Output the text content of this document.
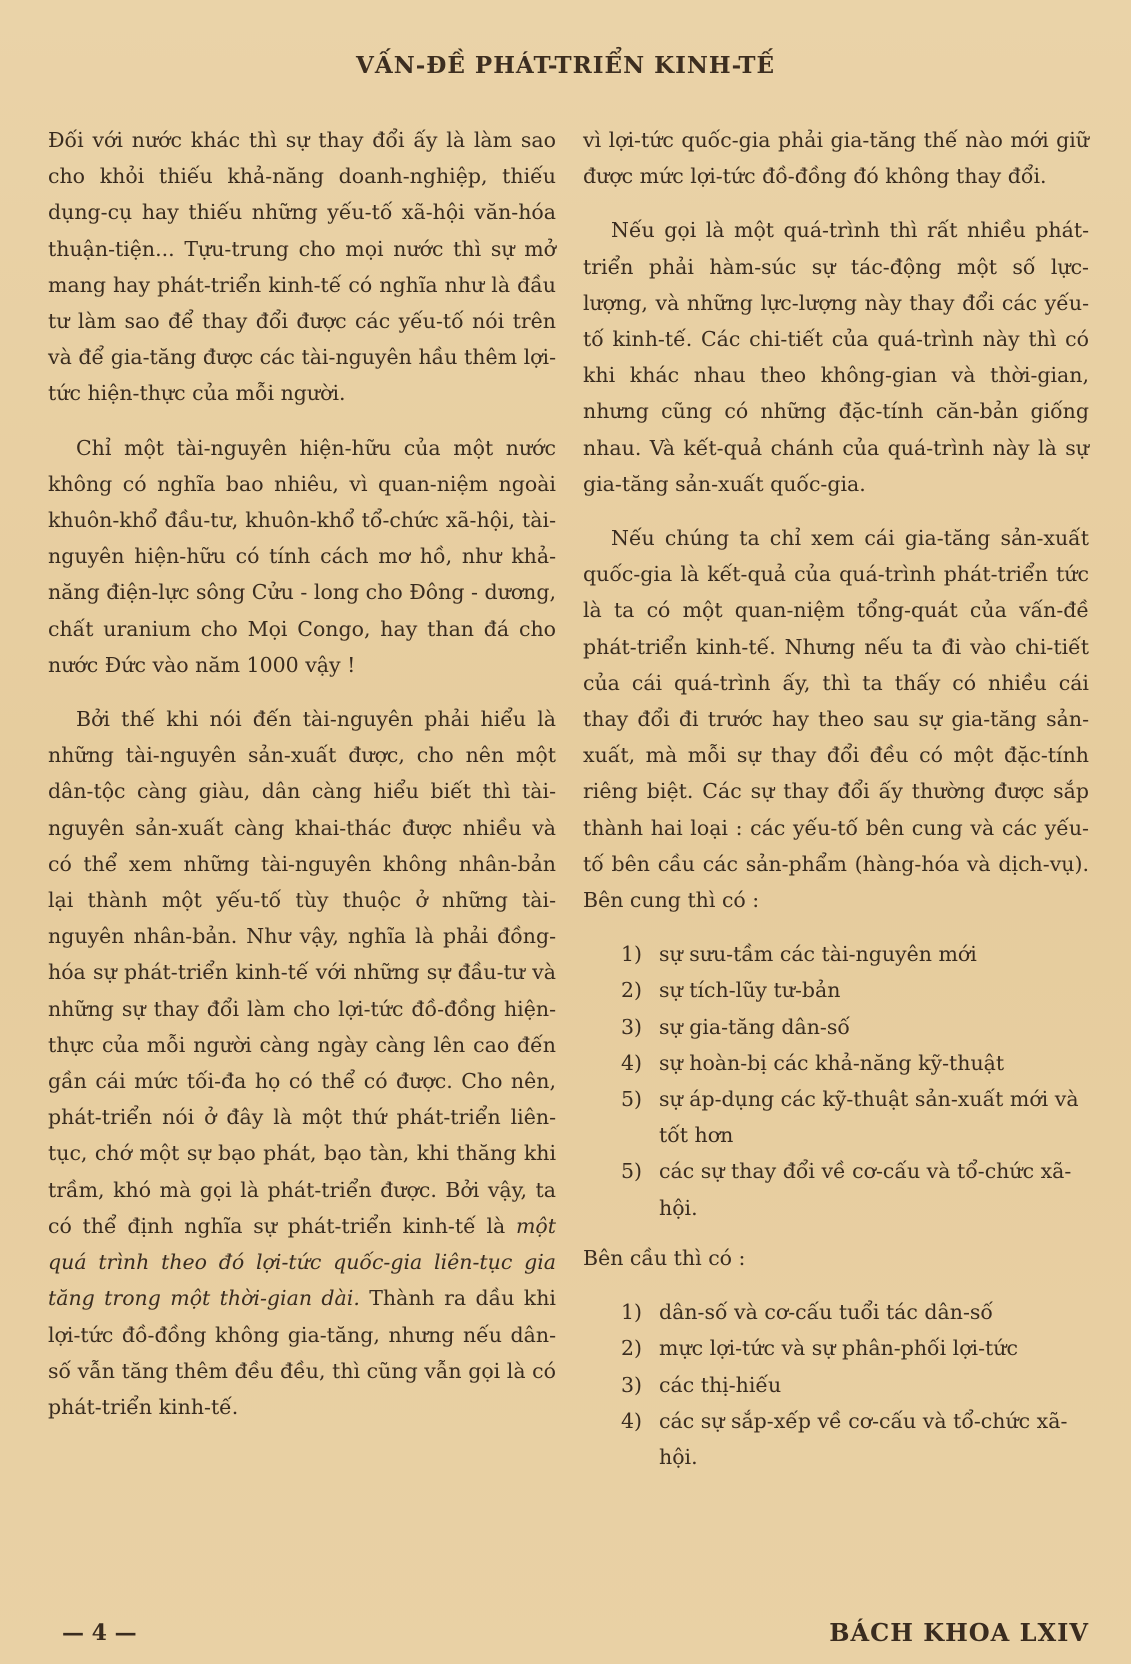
VẤN-ĐỀ PHÁT-TRIỂN KINH-TẾ

Đối với nước khác thì sự thay đổi ấy là làm sao cho khỏi thiếu khả-năng doanh-nghiệp, thiếu dụng-cụ hay thiếu những yếu-tố xã-hội văn-hóa thuận-tiện... Tựu-trung cho mọi nước thì sự mở mang hay phát-triển kinh-tế có nghĩa như là đầu tư làm sao để thay đổi được các yếu-tố nói trên và để gia-tăng được các tài-nguyên hầu thêm lợi-tức hiện-thực của mỗi người.

Chỉ một tài-nguyên hiện-hữu của một nước không có nghĩa bao nhiêu, vì quan-niệm ngoài khuôn-khổ đầu-tư, khuôn-khổ tổ-chức xã-hội, tài-nguyên hiện-hữu có tính cách mơ hồ, như khả-năng điện-lực sông Cửu - long cho Đông - dương, chất uranium cho Mọi Congo, hay than đá cho nước Đức vào năm 1000 vậy !

Bởi thế khi nói đến tài-nguyên phải hiểu là những tài-nguyên sản-xuất được, cho nên một dân-tộc càng giàu, dân càng hiểu biết thì tài-nguyên sản-xuất càng khai-thác được nhiều và có thể xem những tài-nguyên không nhân-bản lại thành một yếu-tố tùy thuộc ở những tài-nguyên nhân-bản. Như vậy, nghĩa là phải đồng-hóa sự phát-triển kinh-tế với những sự đầu-tư và những sự thay đổi làm cho lợi-tức đồ-đồng hiện-thực của mỗi người càng ngày càng lên cao đến gần cái mức tối-đa họ có thể có được. Cho nên, phát-triển nói ở đây là một thứ phát-triển liên-tục, chớ một sự bạo phát, bạo tàn, khi thăng khi trầm, khó mà gọi là phát-triển được. Bởi vậy, ta có thể định nghĩa sự phát-triển kinh-tế là một quá trình theo đó lợi-tức quốc-gia liên-tục gia tăng trong một thời-gian dài. Thành ra dầu khi lợi-tức đồ-đồng không gia-tăng, nhưng nếu dân-số vẫn tăng thêm đều đều, thì cũng vẫn gọi là có phát-triển kinh-tế.

vì lợi-tức quốc-gia phải gia-tăng thế nào mới giữ được mức lợi-tức đồ-đồng đó không thay đổi.

Nếu gọi là một quá-trình thì rất nhiều phát-triển phải hàm-súc sự tác-động một số lực-lượng, và những lực-lượng này thay đổi các yếu-tố kinh-tế. Các chi-tiết của quá-trình này thì có khi khác nhau theo không-gian và thời-gian, nhưng cũng có những đặc-tính căn-bản giống nhau. Và kết-quả chánh của quá-trình này là sự gia-tăng sản-xuất quốc-gia.

Nếu chúng ta chỉ xem cái gia-tăng sản-xuất quốc-gia là kết-quả của quá-trình phát-triển tức là ta có một quan-niệm tổng-quát của vấn-đề phát-triển kinh-tế. Nhưng nếu ta đi vào chi-tiết của cái quá-trình ấy, thì ta thấy có nhiều cái thay đổi đi trước hay theo sau sự gia-tăng sản-xuất, mà mỗi sự thay đổi đều có một đặc-tính riêng biệt. Các sự thay đổi ấy thường được sắp thành hai loại : các yếu-tố bên cung và các yếu-tố bên cầu các sản-phẩm (hàng-hóa và dịch-vụ). Bên cung thì có :

1) sự sưu-tầm các tài-nguyên mới
2) sự tích-lũy tư-bản
3) sự gia-tăng dân-số
4) sự hoàn-bị các khả-năng kỹ-thuật
5) sự áp-dụng các kỹ-thuật sản-xuất mới và tốt hơn
5) các sự thay đổi về cơ-cấu và tổ-chức xã-hội.

Bên cầu thì có :

1) dân-số và cơ-cấu tuổi tác dân-số
2) mực lợi-tức và sự phân-phối lợi-tức
3) các thị-hiếu
4) các sự sắp-xếp về cơ-cấu và tổ-chức xã-hội.
— 4 —	BÁCH KHOA LXIV
